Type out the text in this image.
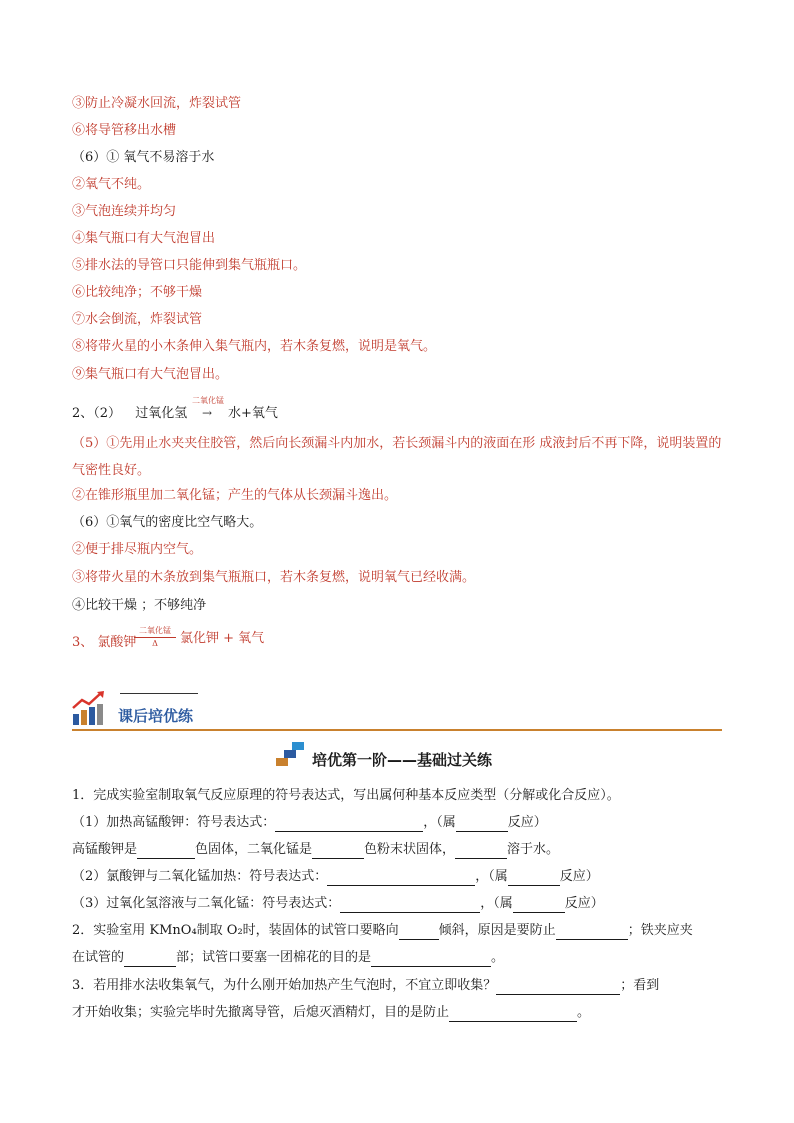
③防止冷凝水回流，炸裂试管
⑥将导管移出水槽
（6）① 氧气不易溶于水
②氧气不纯。
③气泡连续并均匀
④集气瓶口有大气泡冒出
⑤排水法的导管口只能伸到集气瓶瓶口。
⑥比较纯净；不够干燥
⑦水会倒流，炸裂试管
⑧将带火星的小木条伸入集气瓶内，若木条复燃，说明是氧气。
⑨集气瓶口有大气泡冒出。
2、（2） 过氧化氢
二氧化锰
→ 水+氧气
（5）①先用止水夹夹住胶管，然后向长颈漏斗内加水，若长颈漏斗内的液面在形 成液封后不再下降，说明装置的气密性良好。
②在锥形瓶里加二氧化锰；产生的气体从长颈漏斗逸出。
（6）①氧气的密度比空气略大。
②便于排尽瓶内空气。
③将带火星的木条放到集气瓶瓶口，若木条复燃，说明氧气已经收满。
④比较干燥 ；不够纯净
3、 氯酸钾
二氧化锰
Δ	氯化钾 + 氧气
课后培优练
培优第一阶——基础过关练
1．完成实验室制取氧气反应原理的符号表达式，写出属何种基本反应类型（分解或化合反应）。
（1）加热高锰酸钾：符号表达式：	，（属	反应）
高锰酸钾是	色固体，二氧化锰是	色粉末状固体，	溶于水。
（2）氯酸钾与二氧化锰加热：符号表达式：	，（属	反应）
（3）过氧化氢溶液与二氧化锰：符号表达式：	，（属	反应）
2．实验室用 KMnO₄制取 O₂时，装固体的试管口要略向	倾斜，原因是要防止	；铁夹应夹
在试管的	部；试管口要塞一团棉花的目的是	。
3．若用排水法收集氧气，为什么刚开始加热产生气泡时，不宜立即收集？	；看到
才开始收集；实验完毕时先撤离导管，后熄灭酒精灯，目的是防止	。
